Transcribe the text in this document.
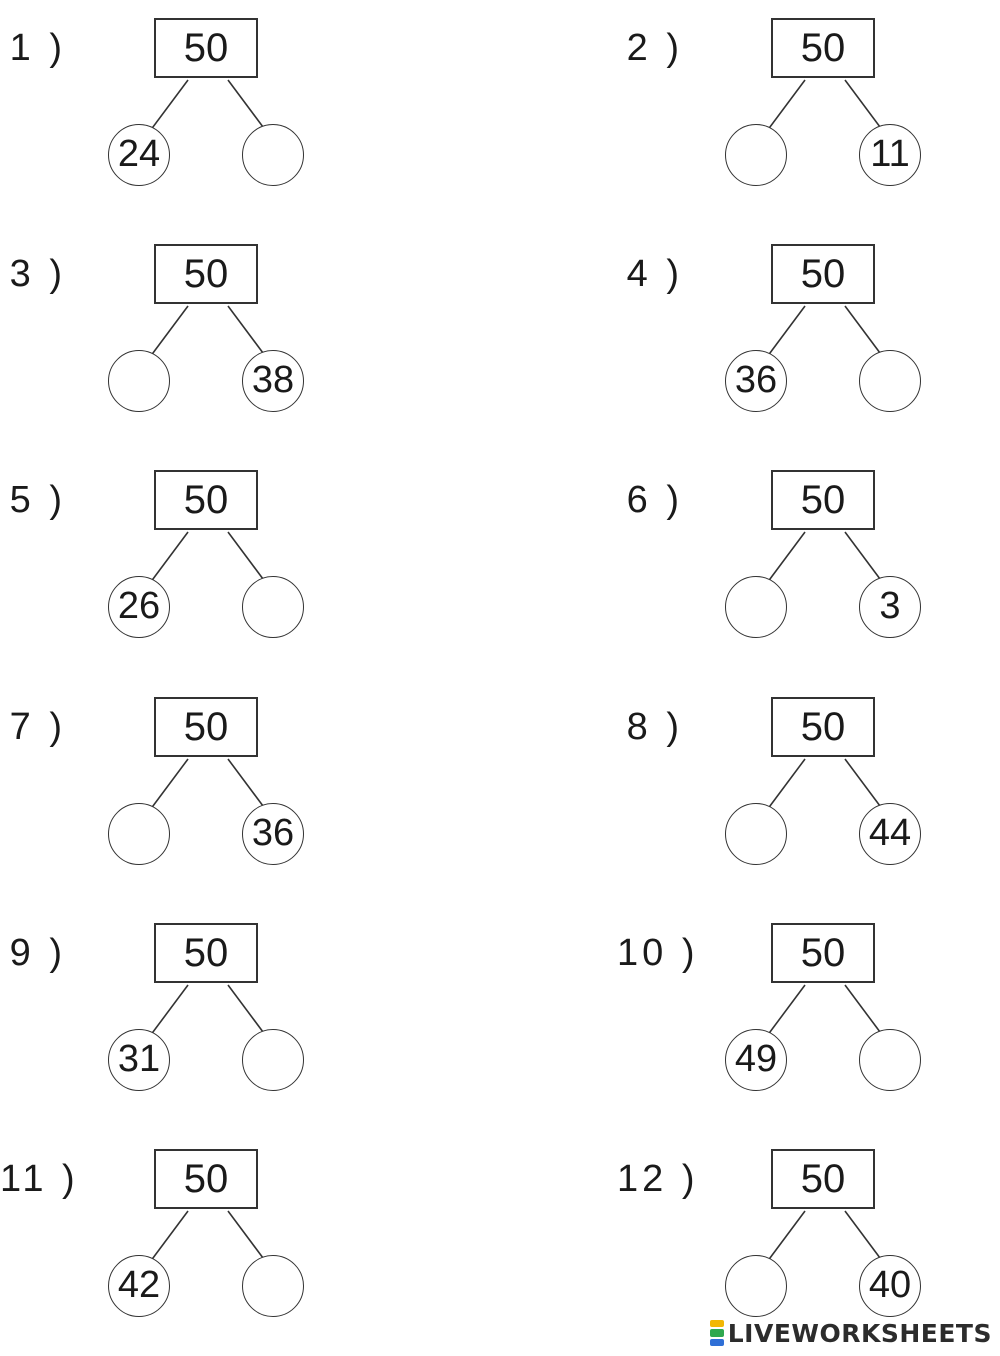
1 )	50
24
2 )	50
11
3 )	50
38
4 )	50
36
5 )	50
26
6 )	50
3
7 )	50
36
8 )	50
44
9 )	50
31
10 )	50
49
11 )	50
42
12 )	50
40
LIVEWORKSHEETS
